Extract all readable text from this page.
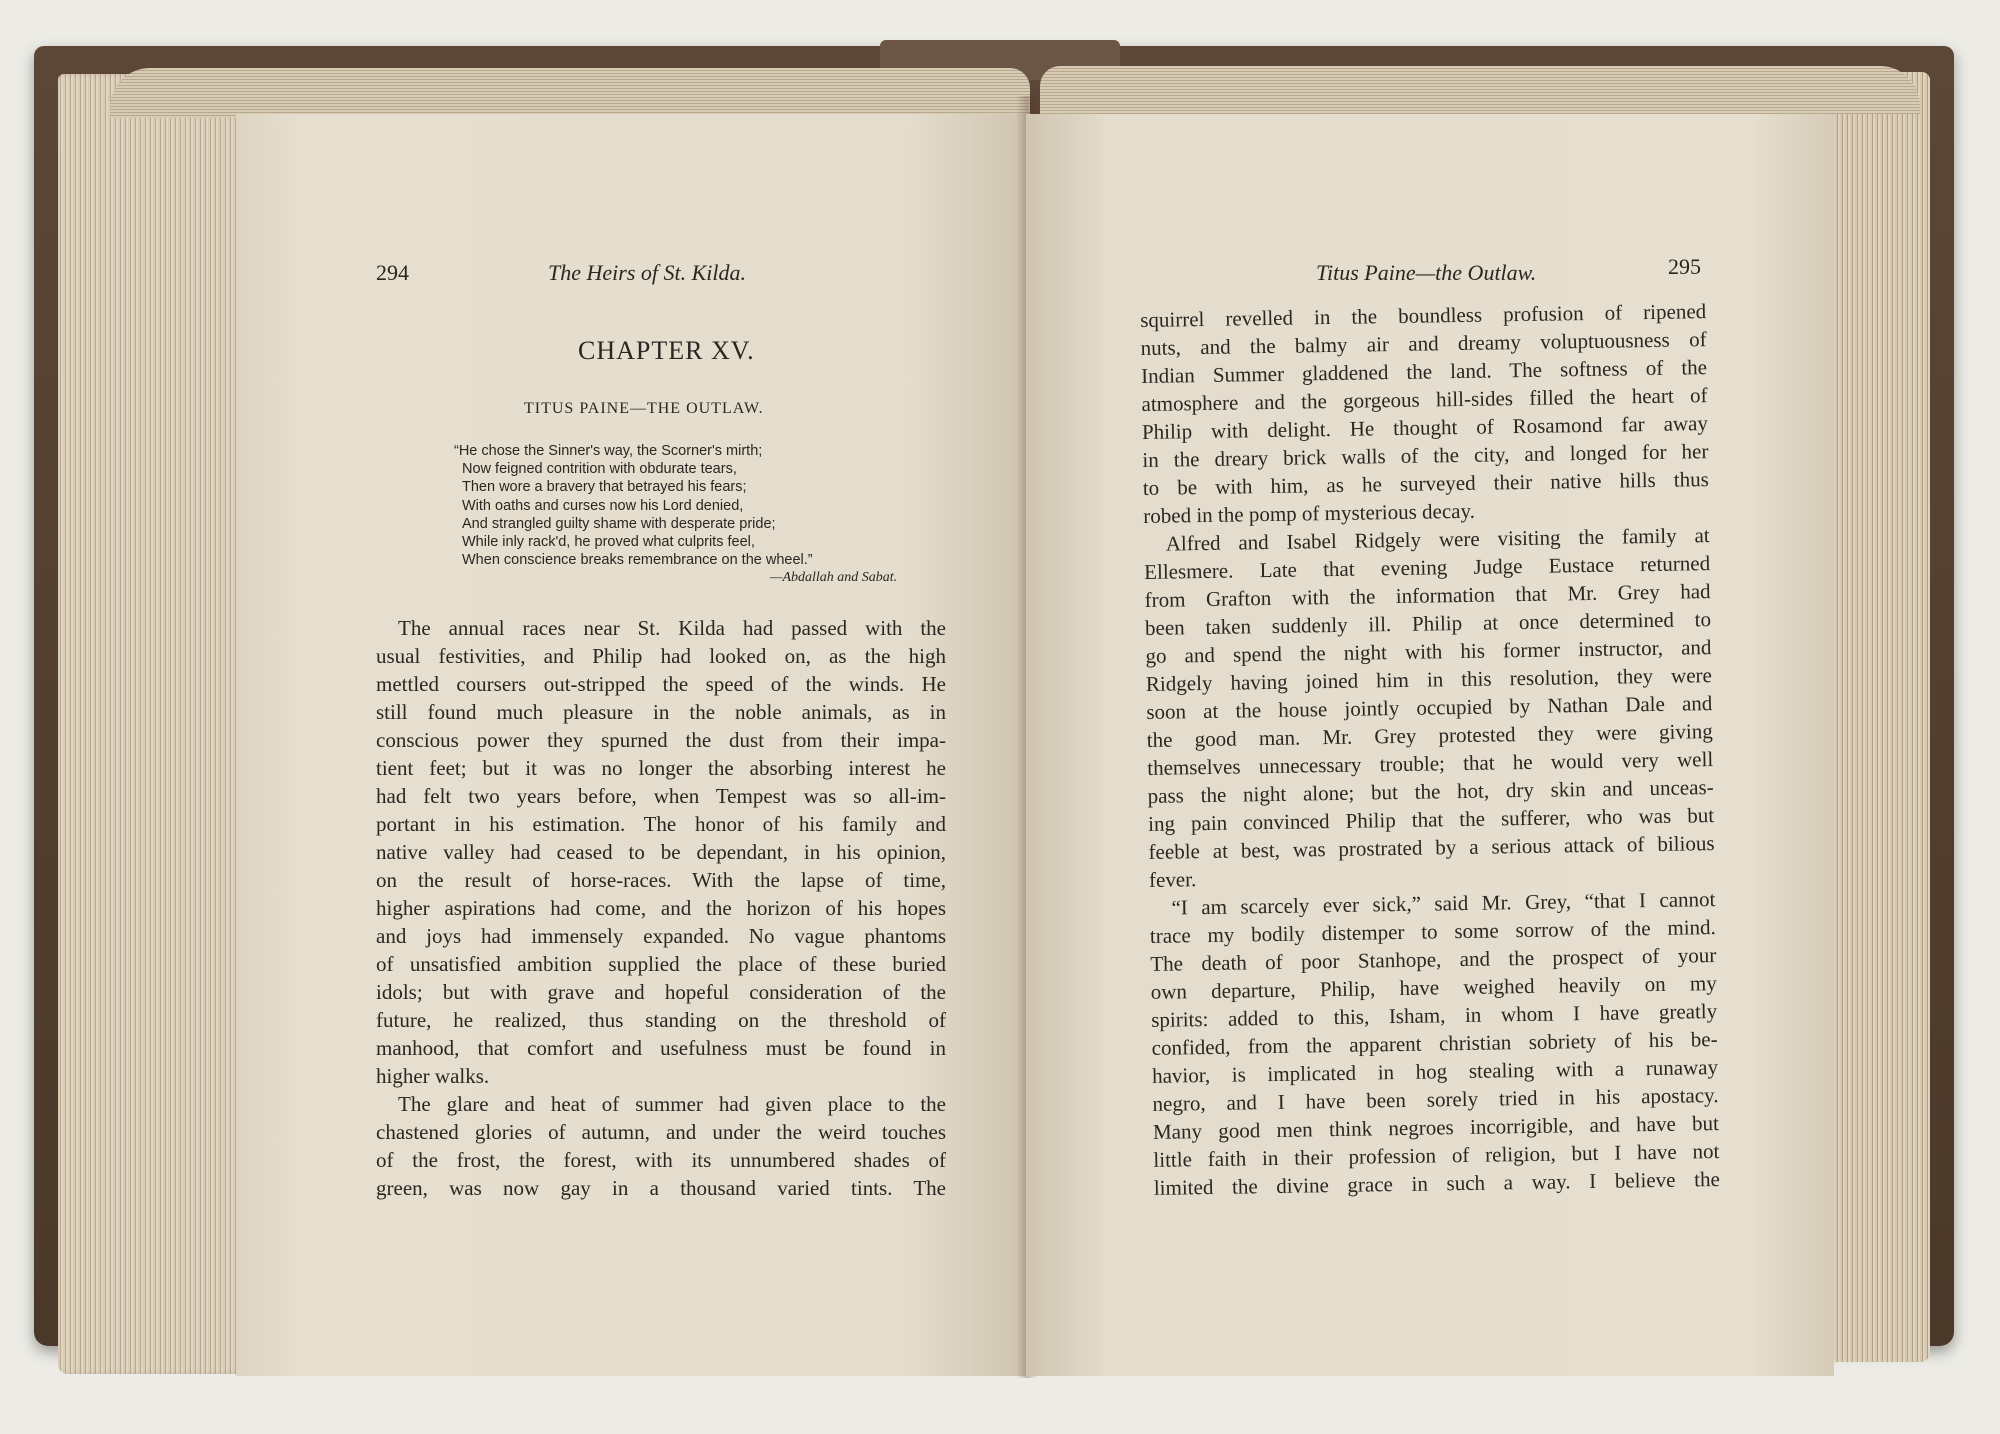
294	The Heirs of St. Kilda.
CHAPTER XV.
TITUS PAINE—THE OUTLAW.
“He chose the Sinner's way, the Scorner's mirth;
Now feigned contrition with obdurate tears,
Then wore a bravery that betrayed his fears;
With oaths and curses now his Lord denied,
And strangled guilty shame with desperate pride;
While inly rack'd, he proved what culprits feel,
When conscience breaks remembrance on the wheel.”
—Abdallah and Sabat.
The annual races near St. Kilda had passed with the
usual festivities, and Philip had looked on, as the high
mettled coursers out-stripped the speed of the winds. He
still found much pleasure in the noble animals, as in
conscious power they spurned the dust from their impa-
tient feet; but it was no longer the absorbing interest he
had felt two years before, when Tempest was so all-im-
portant in his estimation. The honor of his family and
native valley had ceased to be dependant, in his opinion,
on the result of horse-races. With the lapse of time,
higher aspirations had come, and the horizon of his hopes
and joys had immensely expanded. No vague phantoms
of unsatisfied ambition supplied the place of these buried
idols; but with grave and hopeful consideration of the
future, he realized, thus standing on the threshold of
manhood, that comfort and usefulness must be found in
higher walks.
The glare and heat of summer had given place to the
chastened glories of autumn, and under the weird touches
of the frost, the forest, with its unnumbered shades of
green, was now gay in a thousand varied tints. The
Titus Paine—the Outlaw.	295
squirrel revelled in the boundless profusion of ripened
nuts, and the balmy air and dreamy voluptuousness of
Indian Summer gladdened the land. The softness of the
atmosphere and the gorgeous hill-sides filled the heart of
Philip with delight. He thought of Rosamond far away
in the dreary brick walls of the city, and longed for her
to be with him, as he surveyed their native hills thus
robed in the pomp of mysterious decay.
Alfred and Isabel Ridgely were visiting the family at
Ellesmere. Late that evening Judge Eustace returned
from Grafton with the information that Mr. Grey had
been taken suddenly ill. Philip at once determined to
go and spend the night with his former instructor, and
Ridgely having joined him in this resolution, they were
soon at the house jointly occupied by Nathan Dale and
the good man. Mr. Grey protested they were giving
themselves unnecessary trouble; that he would very well
pass the night alone; but the hot, dry skin and unceas-
ing pain convinced Philip that the sufferer, who was but
feeble at best, was prostrated by a serious attack of bilious
fever.
“I am scarcely ever sick,” said Mr. Grey, “that I cannot
trace my bodily distemper to some sorrow of the mind.
The death of poor Stanhope, and the prospect of your
own departure, Philip, have weighed heavily on my
spirits: added to this, Isham, in whom I have greatly
confided, from the apparent christian sobriety of his be-
havior, is implicated in hog stealing with a runaway
negro, and I have been sorely tried in his apostacy.
Many good men think negroes incorrigible, and have but
little faith in their profession of religion, but I have not
limited the divine grace in such a way. I believe the
